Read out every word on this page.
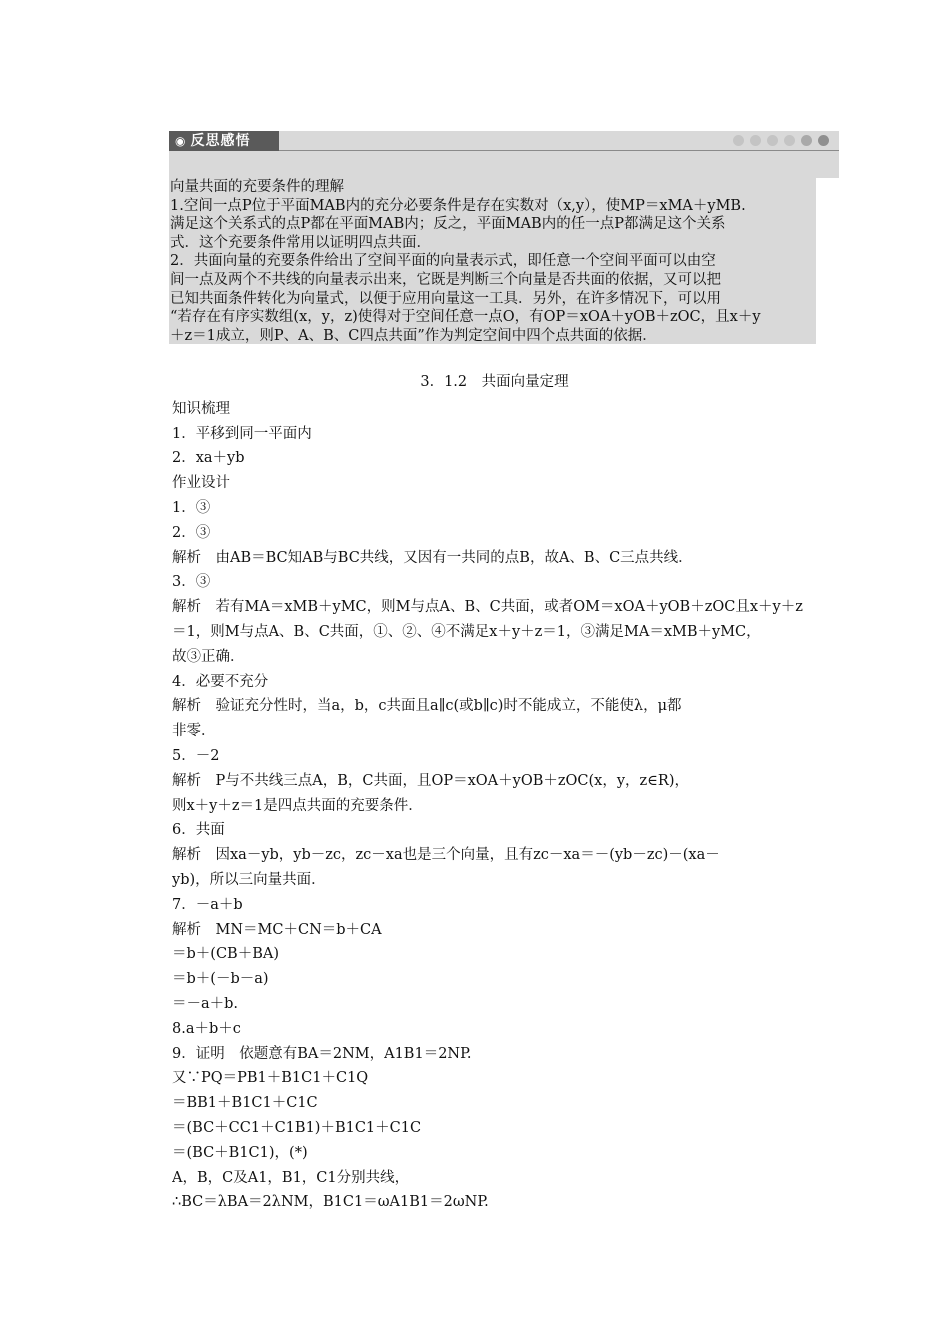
◉ 反思感悟

向量共面的充要条件的理解

1.空间一点P位于平面MAB内的充分必要条件是存在实数对（x,y），使MP＝xMA＋yMB.

满足这个关系式的点P都在平面MAB内；反之，平面MAB内的任一点P都满足这个关系

式．这个充要条件常用以证明四点共面．

2．共面向量的充要条件给出了空间平面的向量表示式，即任意一个空间平面可以由空

间一点及两个不共线的向量表示出来，它既是判断三个向量是否共面的依据，又可以把

已知共面条件转化为向量式，以便于应用向量这一工具．另外，在许多情况下，可以用

“若存在有序实数组(x，y，z)使得对于空间任意一点O，有OP＝xOA＋yOB＋zOC，且x＋y

＋z＝1成立，则P、A、B、C四点共面”作为判定空间中四个点共面的依据．

3．1.2　共面向量定理

知识梳理

1．平移到同一平面内

2．xa＋yb

作业设计

1．③

2．③

解析　由AB＝BC知AB与BC共线，又因有一共同的点B，故A、B、C三点共线．

3．③

解析　若有MA＝xMB＋yMC，则M与点A、B、C共面，或者OM＝xOA＋yOB＋zOC且x＋y＋z

＝1，则M与点A、B、C共面，①、②、④不满足x＋y＋z＝1，③满足MA＝xMB＋yMC，

故③正确．

4．必要不充分

解析　验证充分性时，当a，b，c共面且a∥c(或b∥c)时不能成立，不能使λ，μ都

非零．

5．－2

解析　P与不共线三点A，B，C共面，且OP＝xOA＋yOB＋zOC(x，y，z∈R)，

则x＋y＋z＝1是四点共面的充要条件．

6．共面

解析　因xa－yb，yb－zc，zc－xa也是三个向量，且有zc－xa＝－(yb－zc)－(xa－

yb)，所以三向量共面．

7．－a＋b

解析　MN＝MC＋CN＝b＋CA

＝b＋(CB＋BA)

＝b＋(－b－a)

＝－a＋b.

8.a＋b＋c

9．证明　依题意有BA＝2NM，A1B1＝2NP.

又∵PQ＝PB1＋B1C1＋C1Q

＝BB1＋B1C1＋C1C

＝(BC＋CC1＋C1B1)＋B1C1＋C1C

＝(BC＋B1C1)，(*)

A，B，C及A1，B1，C1分别共线，

∴BC＝λBA＝2λNM，B1C1＝ωA1B1＝2ωNP.
